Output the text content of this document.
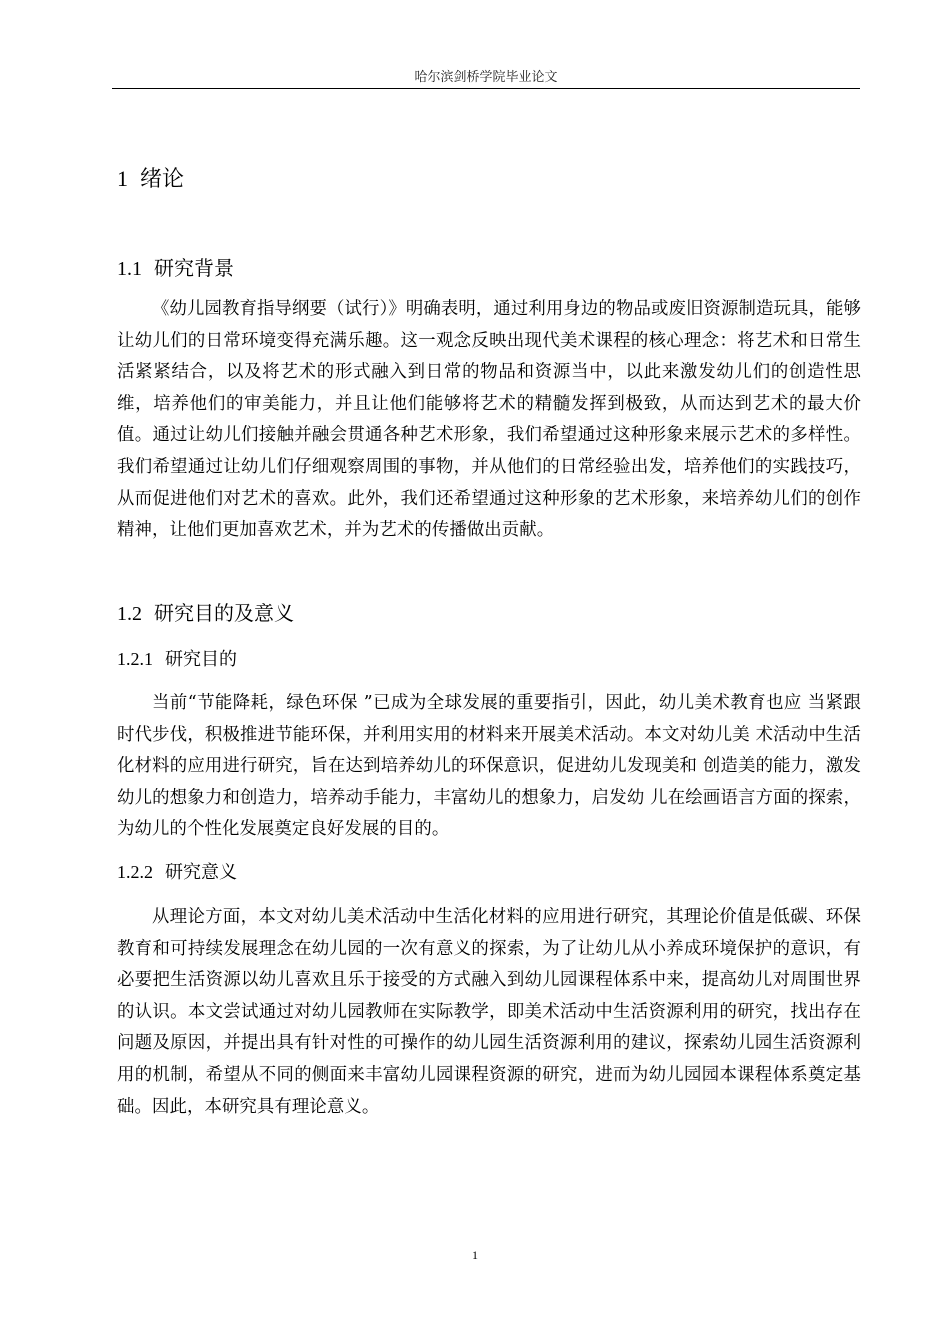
哈尔滨剑桥学院毕业论文
1 绪论
1.1 研究背景

《幼儿园教育指导纲要（试行）》明确表明，通过利用身边的物品或废旧资源制造玩具，能够让幼儿们的日常环境变得充满乐趣。这一观念反映出现代美术课程的核心理念：将艺术和日常生活紧紧结合，以及将艺术的形式融入到日常的物品和资源当中，以此来激发幼儿们的创造性思维，培养他们的审美能力，并且让他们能够将艺术的精髓发挥到极致，从而达到艺术的最大价值。通过让幼儿们接触并融会贯通各种艺术形象，我们希望通过这种形象来展示艺术的多样性。我们希望通过让幼儿们仔细观察周围的事物，并从他们的日常经验出发，培养他们的实践技巧，从而促进他们对艺术的喜欢。此外，我们还希望通过这种形象的艺术形象，来培养幼儿们的创作精神，让他们更加喜欢艺术，并为艺术的传播做出贡献。

1.2 研究目的及意义
1.2.1 研究目的

当前“节能降耗，绿色环保 ”已成为全球发展的重要指引，因此，幼儿美术教育也应 当紧跟时代步伐，积极推进节能环保，并利用实用的材料来开展美术活动。本文对幼儿美 术活动中生活化材料的应用进行研究，旨在达到培养幼儿的环保意识，促进幼儿发现美和 创造美的能力，激发幼儿的想象力和创造力，培养动手能力，丰富幼儿的想象力，启发幼 儿在绘画语言方面的探索，为幼儿的个性化发展奠定良好发展的目的。

1.2.2 研究意义

从理论方面，本文对幼儿美术活动中生活化材料的应用进行研究，其理论价值是低碳、环保教育和可持续发展理念在幼儿园的一次有意义的探索，为了让幼儿从小养成环境保护的意识，有必要把生活资源以幼儿喜欢且乐于接受的方式融入到幼儿园课程体系中来，提高幼儿对周围世界的认识。本文尝试通过对幼儿园教师在实际教学，即美术活动中生活资源利用的研究，找出存在问题及原因，并提出具有针对性的可操作的幼儿园生活资源利用的建议，探索幼儿园生活资源利用的机制，希望从不同的侧面来丰富幼儿园课程资源的研究，进而为幼儿园园本课程体系奠定基础。因此，本研究具有理论意义。

1
